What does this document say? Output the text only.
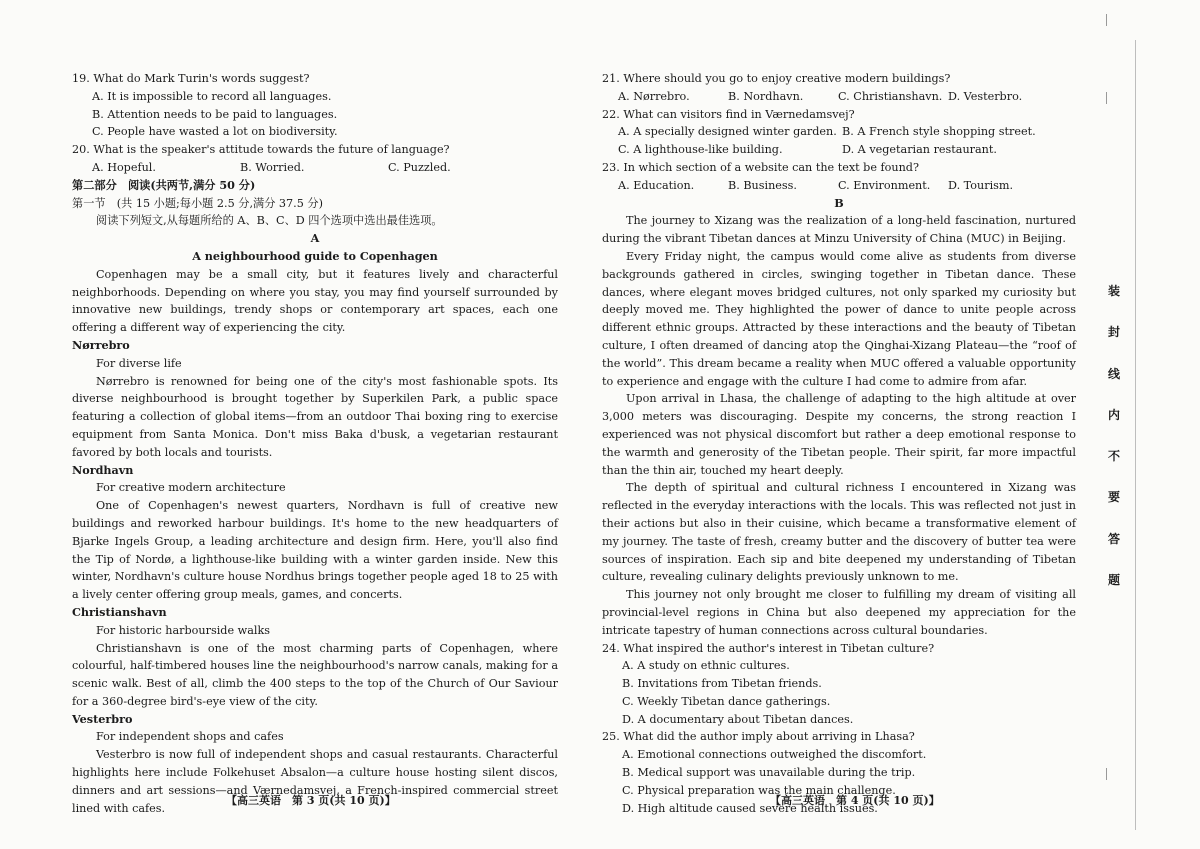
19. What do Mark Turin's words suggest?

A. It is impossible to record all languages.

B. Attention needs to be paid to languages.

C. People have wasted a lot on biodiversity.

20. What is the speaker's attitude towards the future of language?

A. Hopeful.	B. Worried.	C. Puzzled.

第二部分　阅读(共两节,满分 50 分)

第一节　(共 15 小题;每小题 2.5 分,满分 37.5 分)

阅读下列短文,从每题所给的 A、B、C、D 四个选项中选出最佳选项。

A

A neighbourhood guide to Copenhagen

Copenhagen may be a small city, but it features lively and characterful neighborhoods. Depending on where you stay, you may find yourself surrounded by innovative new buildings, trendy shops or contemporary art spaces, each one offering a different way of experiencing the city.

Nørrebro

For diverse life

Nørrebro is renowned for being one of the city's most fashionable spots. Its diverse neighbourhood is brought together by Superkilen Park, a public space featuring a collection of global items—from an outdoor Thai boxing ring to exercise equipment from Santa Monica. Don't miss Baka d'busk, a vegetarian restaurant favored by both locals and tourists.

Nordhavn

For creative modern architecture

One of Copenhagen's newest quarters, Nordhavn is full of creative new buildings and reworked harbour buildings. It's home to the new headquarters of Bjarke Ingels Group, a leading architecture and design firm. Here, you'll also find the Tip of Nordø, a lighthouse-like building with a winter garden inside. New this winter, Nordhavn's culture house Nordhus brings together people aged 18 to 25 with a lively center offering group meals, games, and concerts.

Christianshavn

For historic harbourside walks

Christianshavn is one of the most charming parts of Copenhagen, where colourful, half-timbered houses line the neighbourhood's narrow canals, making for a scenic walk. Best of all, climb the 400 steps to the top of the Church of Our Saviour for a 360-degree bird's-eye view of the city.

Vesterbro

For independent shops and cafes

Vesterbro is now full of independent shops and casual restaurants. Characterful highlights here include Folkehuset Absalon—a culture house hosting silent discos, dinners and art sessions—and Værnedamsvej, a French-inspired commercial street lined with cafes.

21. Where should you go to enjoy creative modern buildings?

A. Nørrebro.	B. Nordhavn.	C. Christianshavn. D. Vesterbro.

22. What can visitors find in Værnedamsvej?

A. A specially designed winter garden. B. A French style shopping street.
C. A lighthouse-like building.	D. A vegetarian restaurant.

23. In which section of a website can the text be found?

A. Education.	B. Business.	C. Environment.	D. Tourism.

B

The journey to Xizang was the realization of a long-held fascination, nurtured during the vibrant Tibetan dances at Minzu University of China (MUC) in Beijing.

Every Friday night, the campus would come alive as students from diverse backgrounds gathered in circles, swinging together in Tibetan dance. These dances, where elegant moves bridged cultures, not only sparked my curiosity but deeply moved me. They highlighted the power of dance to unite people across different ethnic groups. Attracted by these interactions and the beauty of Tibetan culture, I often dreamed of dancing atop the Qinghai-Xizang Plateau—the “roof of the world”. This dream became a reality when MUC offered a valuable opportunity to experience and engage with the culture I had come to admire from afar.

Upon arrival in Lhasa, the challenge of adapting to the high altitude at over 3,000 meters was discouraging. Despite my concerns, the strong reaction I experienced was not physical discomfort but rather a deep emotional response to the warmth and generosity of the Tibetan people. Their spirit, far more impactful than the thin air, touched my heart deeply.

The depth of spiritual and cultural richness I encountered in Xizang was reflected in the everyday interactions with the locals. This was reflected not just in their actions but also in their cuisine, which became a transformative element of my journey. The taste of fresh, creamy butter and the discovery of butter tea were sources of inspiration. Each sip and bite deepened my understanding of Tibetan culture, revealing culinary delights previously unknown to me.

This journey not only brought me closer to fulfilling my dream of visiting all provincial-level regions in China but also deepened my appreciation for the intricate tapestry of human connections across cultural boundaries.

24. What inspired the author's interest in Tibetan culture?

A. A study on ethnic cultures.

B. Invitations from Tibetan friends.

C. Weekly Tibetan dance gatherings.

D. A documentary about Tibetan dances.

25. What did the author imply about arriving in Lhasa?

A. Emotional connections outweighed the discomfort.

B. Medical support was unavailable during the trip.

C. Physical preparation was the main challenge.

D. High altitude caused severe health issues.

【高三英语　第 3 页(共 10 页)】	【高三英语　第 4 页(共 10 页)】
装
封
线
内
不
要
答
题
